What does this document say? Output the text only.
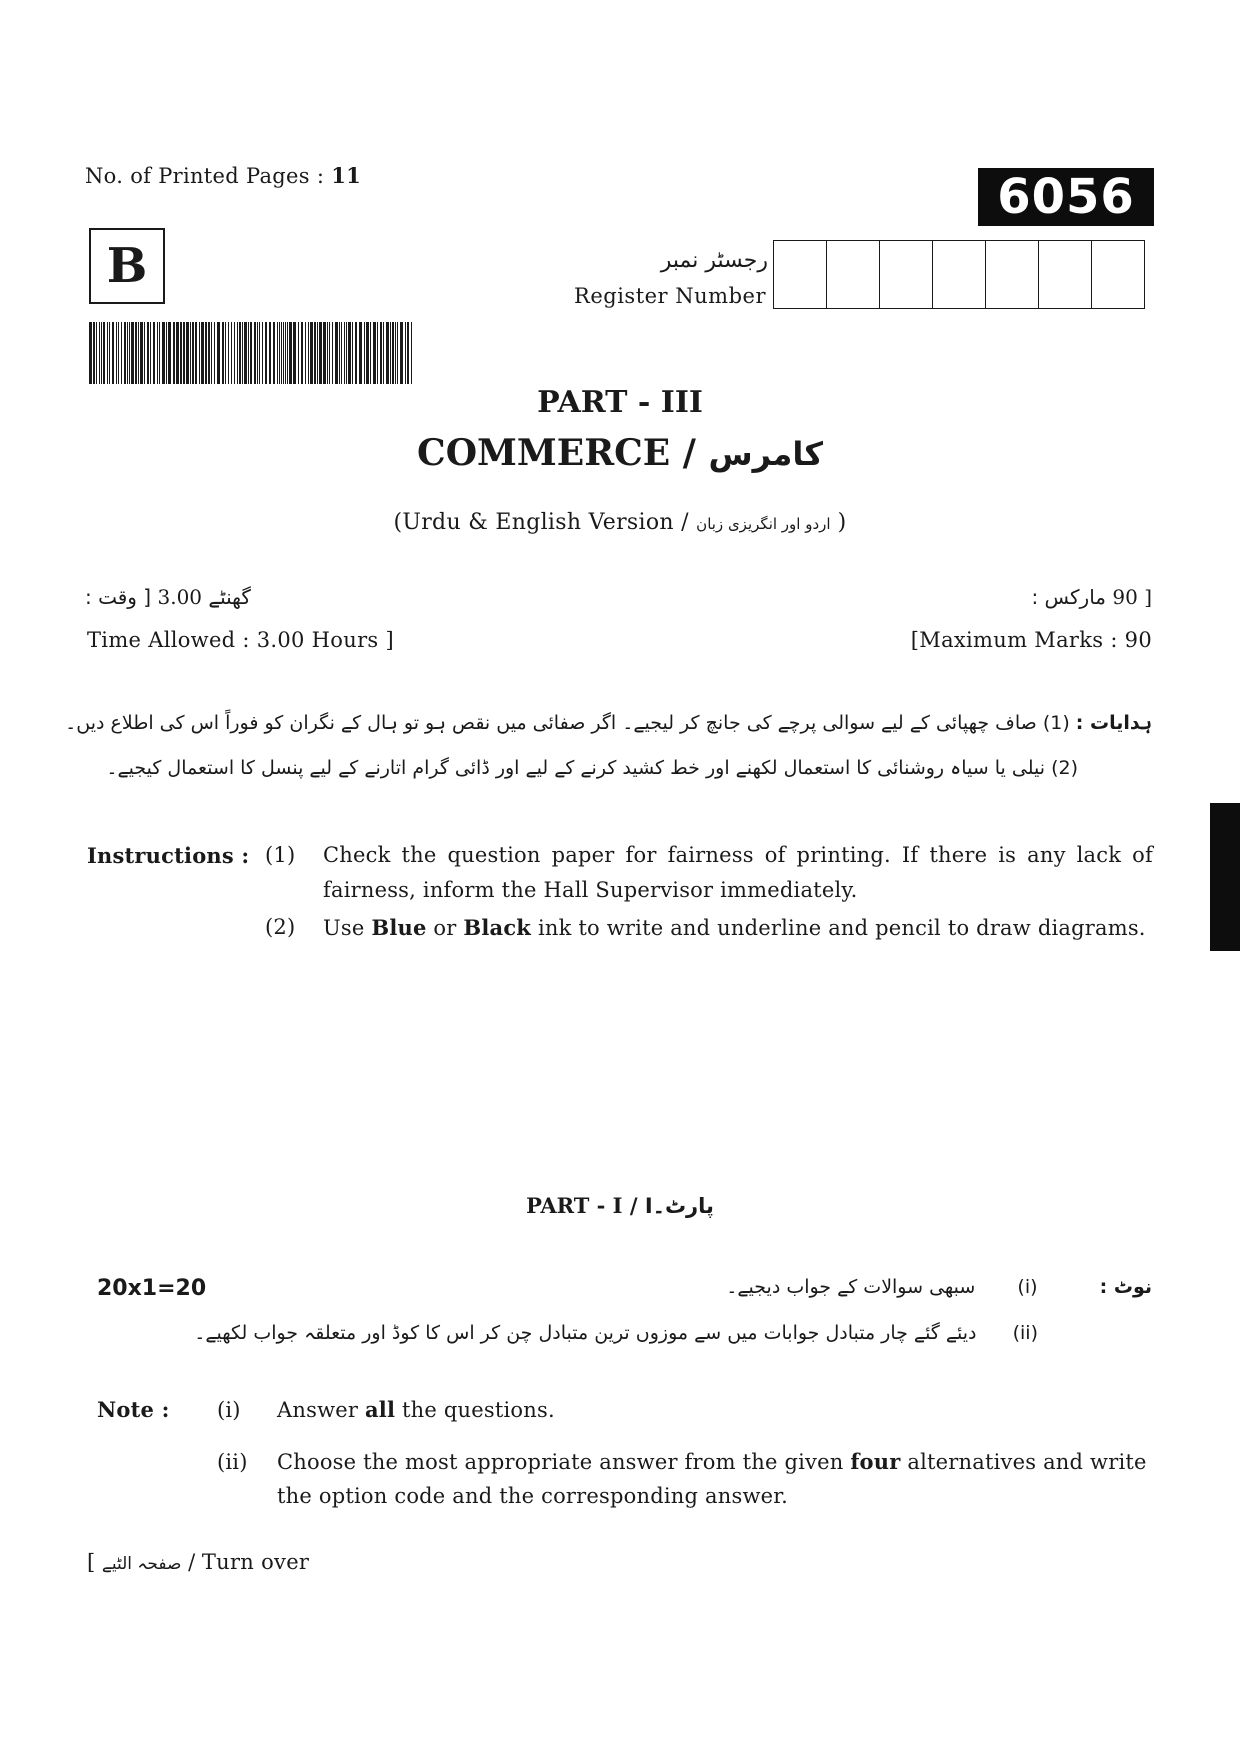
No. of Printed Pages : 11	6056
B	رجسٹر نمبر
Register Number
PART - III
COMMERCE / کامرس
(Urdu & English Version / اردو اور انگریزی زبان )
[ وقت : 3.00 گھنٹے	مارکس : 90 ]
Time Allowed : 3.00 Hours ]	[Maximum Marks : 90
ہدایات : (1) صاف چھپائی کے لیے سوالی پرچے کی جانچ کر لیجیے۔ اگر صفائی میں نقص ہو تو ہال کے نگران کو فوراً اس کی اطلاع دیں۔
(2) نیلی یا سیاہ روشنائی کا استعمال لکھنے اور خط کشید کرنے کے لیے اور ڈائی گرام اتارنے کے لیے پنسل کا استعمال کیجیے۔
Instructions : (1)	Check the question paper for fairness of printing. If there is any lack of fairness, inform the Hall Supervisor immediately.
(2)	Use Blue or Black ink to write and underline and pencil to draw diagrams.
PART - I / پارٹ۔I
20x1=20	نوٹ :  (i)  سبھی سوالات کے جواب دیجیے۔
(ii)  دیئے گئے چار متبادل جوابات میں سے موزوں ترین متبادل چن کر اس کا کوڈ اور متعلقہ جواب لکھیے۔
Note :	(i)	Answer all the questions.
(ii)	Choose the most appropriate answer from the given four alternatives and write the option code and the corresponding answer.
[ صفحہ الٹیے / Turn over
